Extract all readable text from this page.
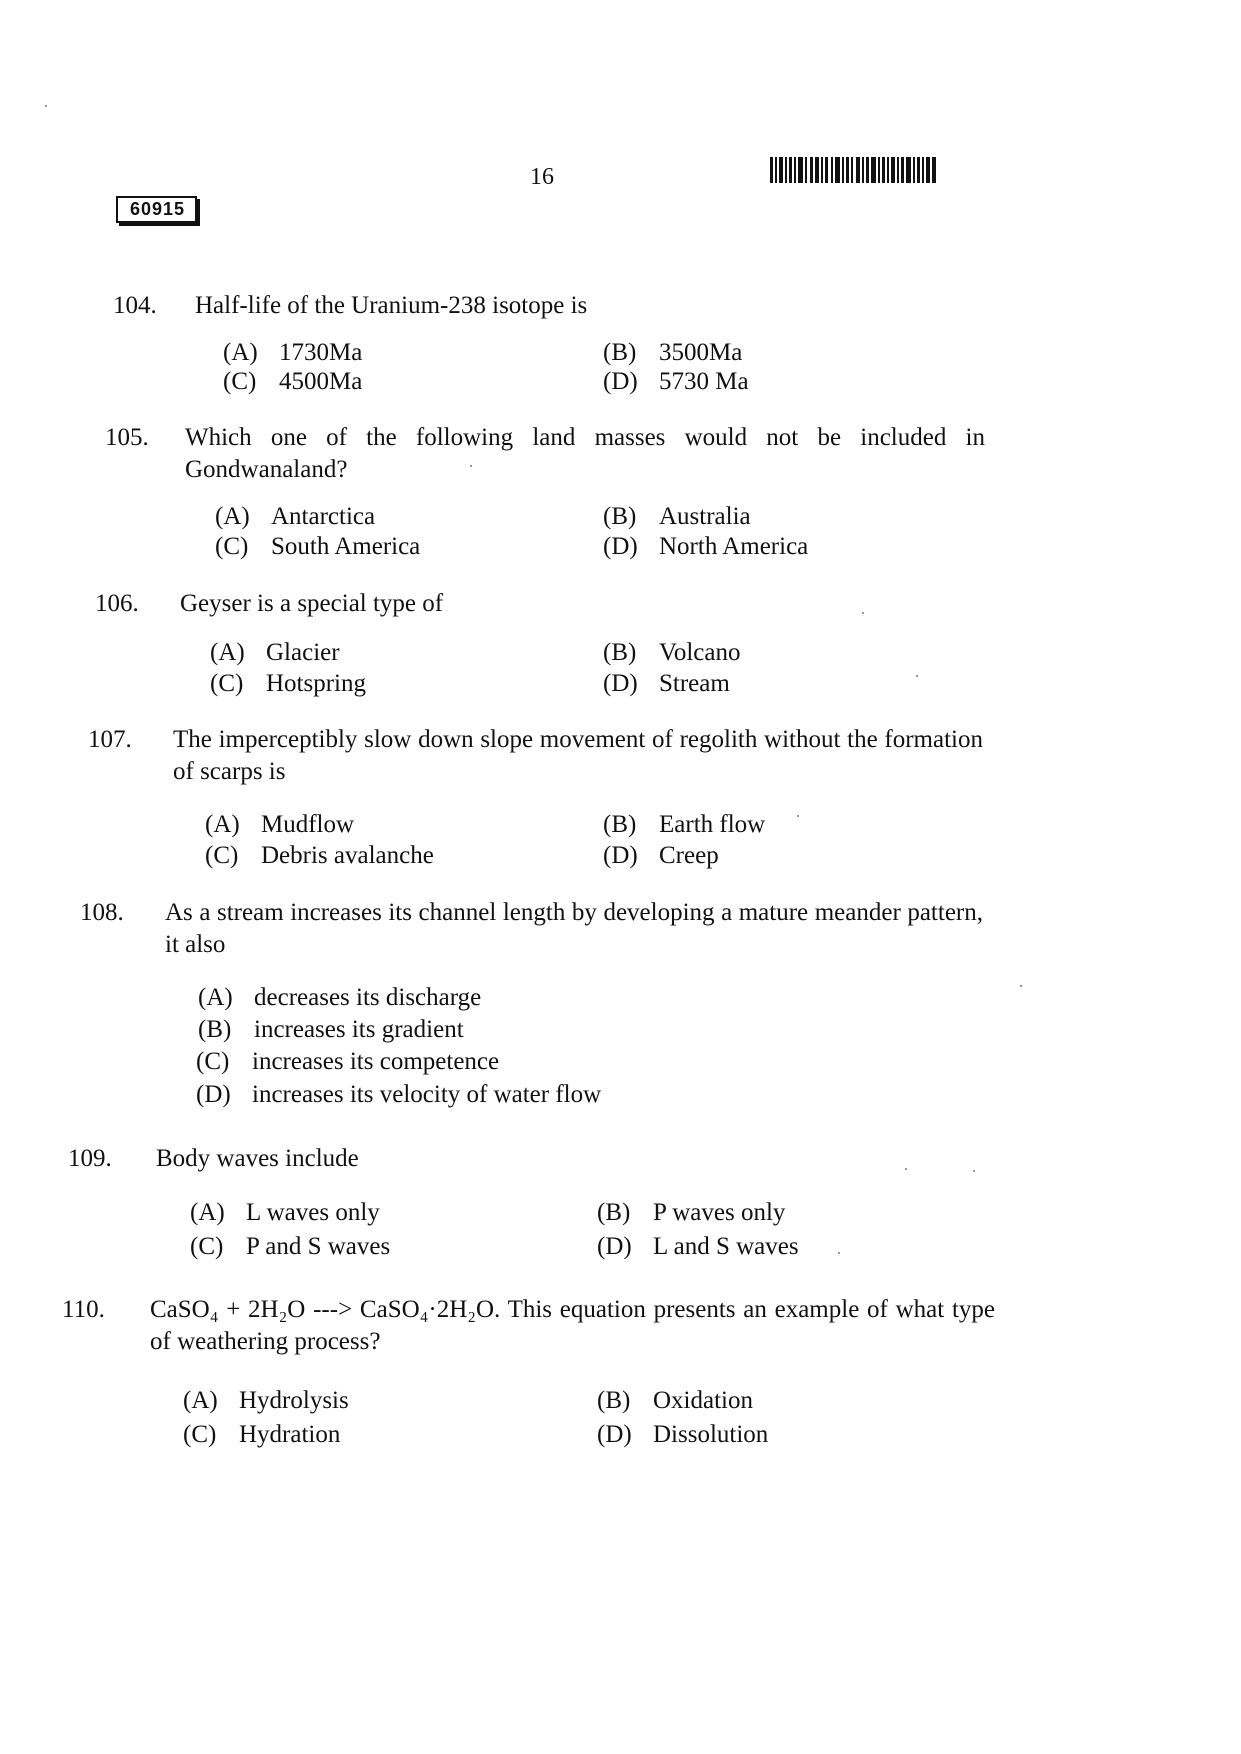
16
60915
104. Half-life of the Uranium-238 isotope is
(A) 1730Ma	(B) 3500Ma
(C) 4500Ma	(D) 5730 Ma
105. Which one of the following land masses would not be included in Gondwanaland?
(A) Antarctica	(B) Australia
(C) South America	(D) North America
106. Geyser is a special type of
(A) Glacier	(B) Volcano
(C) Hotspring	(D) Stream
107. The imperceptibly slow down slope movement of regolith without the formation of scarps is
(A) Mudflow	(B) Earth flow
(C) Debris avalanche	(D) Creep
108. As a stream increases its channel length by developing a mature meander pattern, it also
(A) decreases its discharge
(B) increases its gradient
(C) increases its competence
(D) increases its velocity of water flow
109. Body waves include
(A) L waves only	(B) P waves only
(C) P and S waves	(D) L and S waves
110. CaSO₄ + 2H₂O ---> CaSO₄·2H₂O. This equation presents an example of what type of weathering process?
(A) Hydrolysis	(B) Oxidation
(C) Hydration	(D) Dissolution
